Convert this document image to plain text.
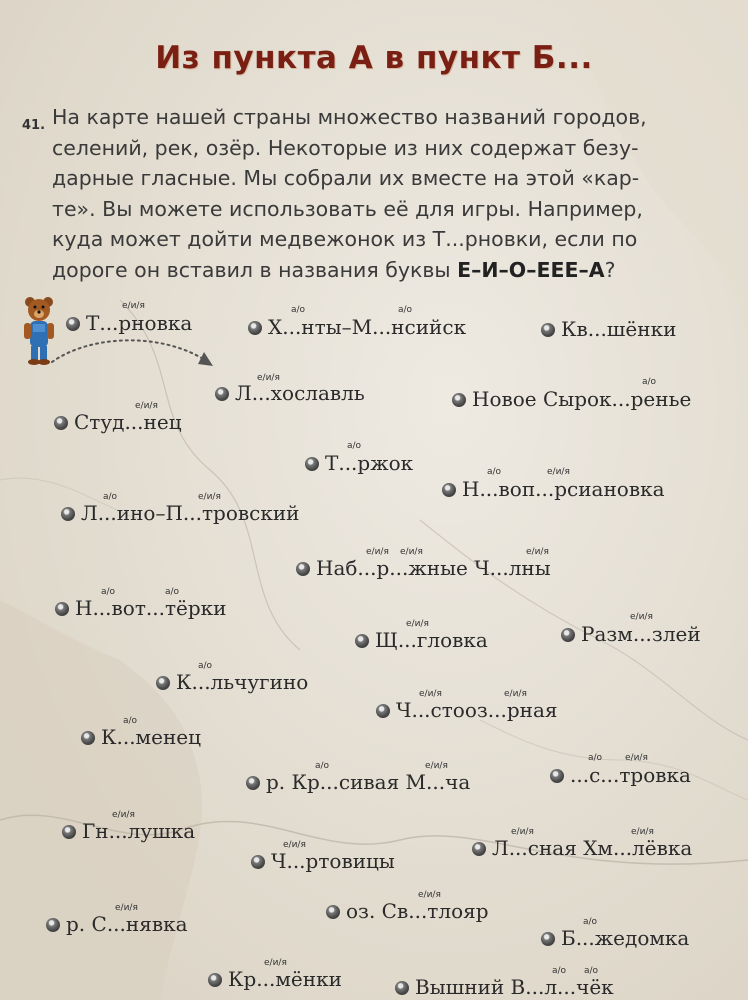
Из пункта А в пункт Б...
41. На карте нашей страны множество названий городов,
селений, рек, озёр. Некоторые из них содержат безу-
дарные гласные. Мы собрали их вместе на этой «кар-
те». Вы можете использовать её для игры. Например,
куда может дойти медвежонок из Т...рновки, если по
дороге он вставил в названия буквы Е–И–О–ЕЕЕ–А?
Т...рновка
е/и/я
Х...нты–М...нсийск
а/о	а/о
Кв...шёнки
Л...хославль
е/и/я
Новое Сырок...ренье
а/о
Студ...нец
е/и/я
Т...ржок
а/о
Н...воп...рсиановка
а/о	е/и/я
Л...ино–П...тровский
а/о	е/и/я
Наб...р...жные Ч...лны
е/и/я е/и/я	е/и/я
Н...вот...тёрки
а/о	а/о
Щ...гловка
е/и/я	Разм...злей
е/и/я
К...льчугино
а/о
Ч...стооз...рная
е/и/я	е/и/я
К...менец
а/о
р. Кр...сивая М...ча
а/о	е/и/я	...с...тровка
а/о	е/и/я
Гн...лушка
е/и/я
Ч...ртовицы
е/и/я	Л...сная Хм...лёвка
е/и/я	е/и/я
р. С...нявка
е/и/я	оз. Св...тлояр
е/и/я
Б...жедомка
а/о
Кр...мёнки
е/и/я
Вышний В...л...чёк
а/о а/о
